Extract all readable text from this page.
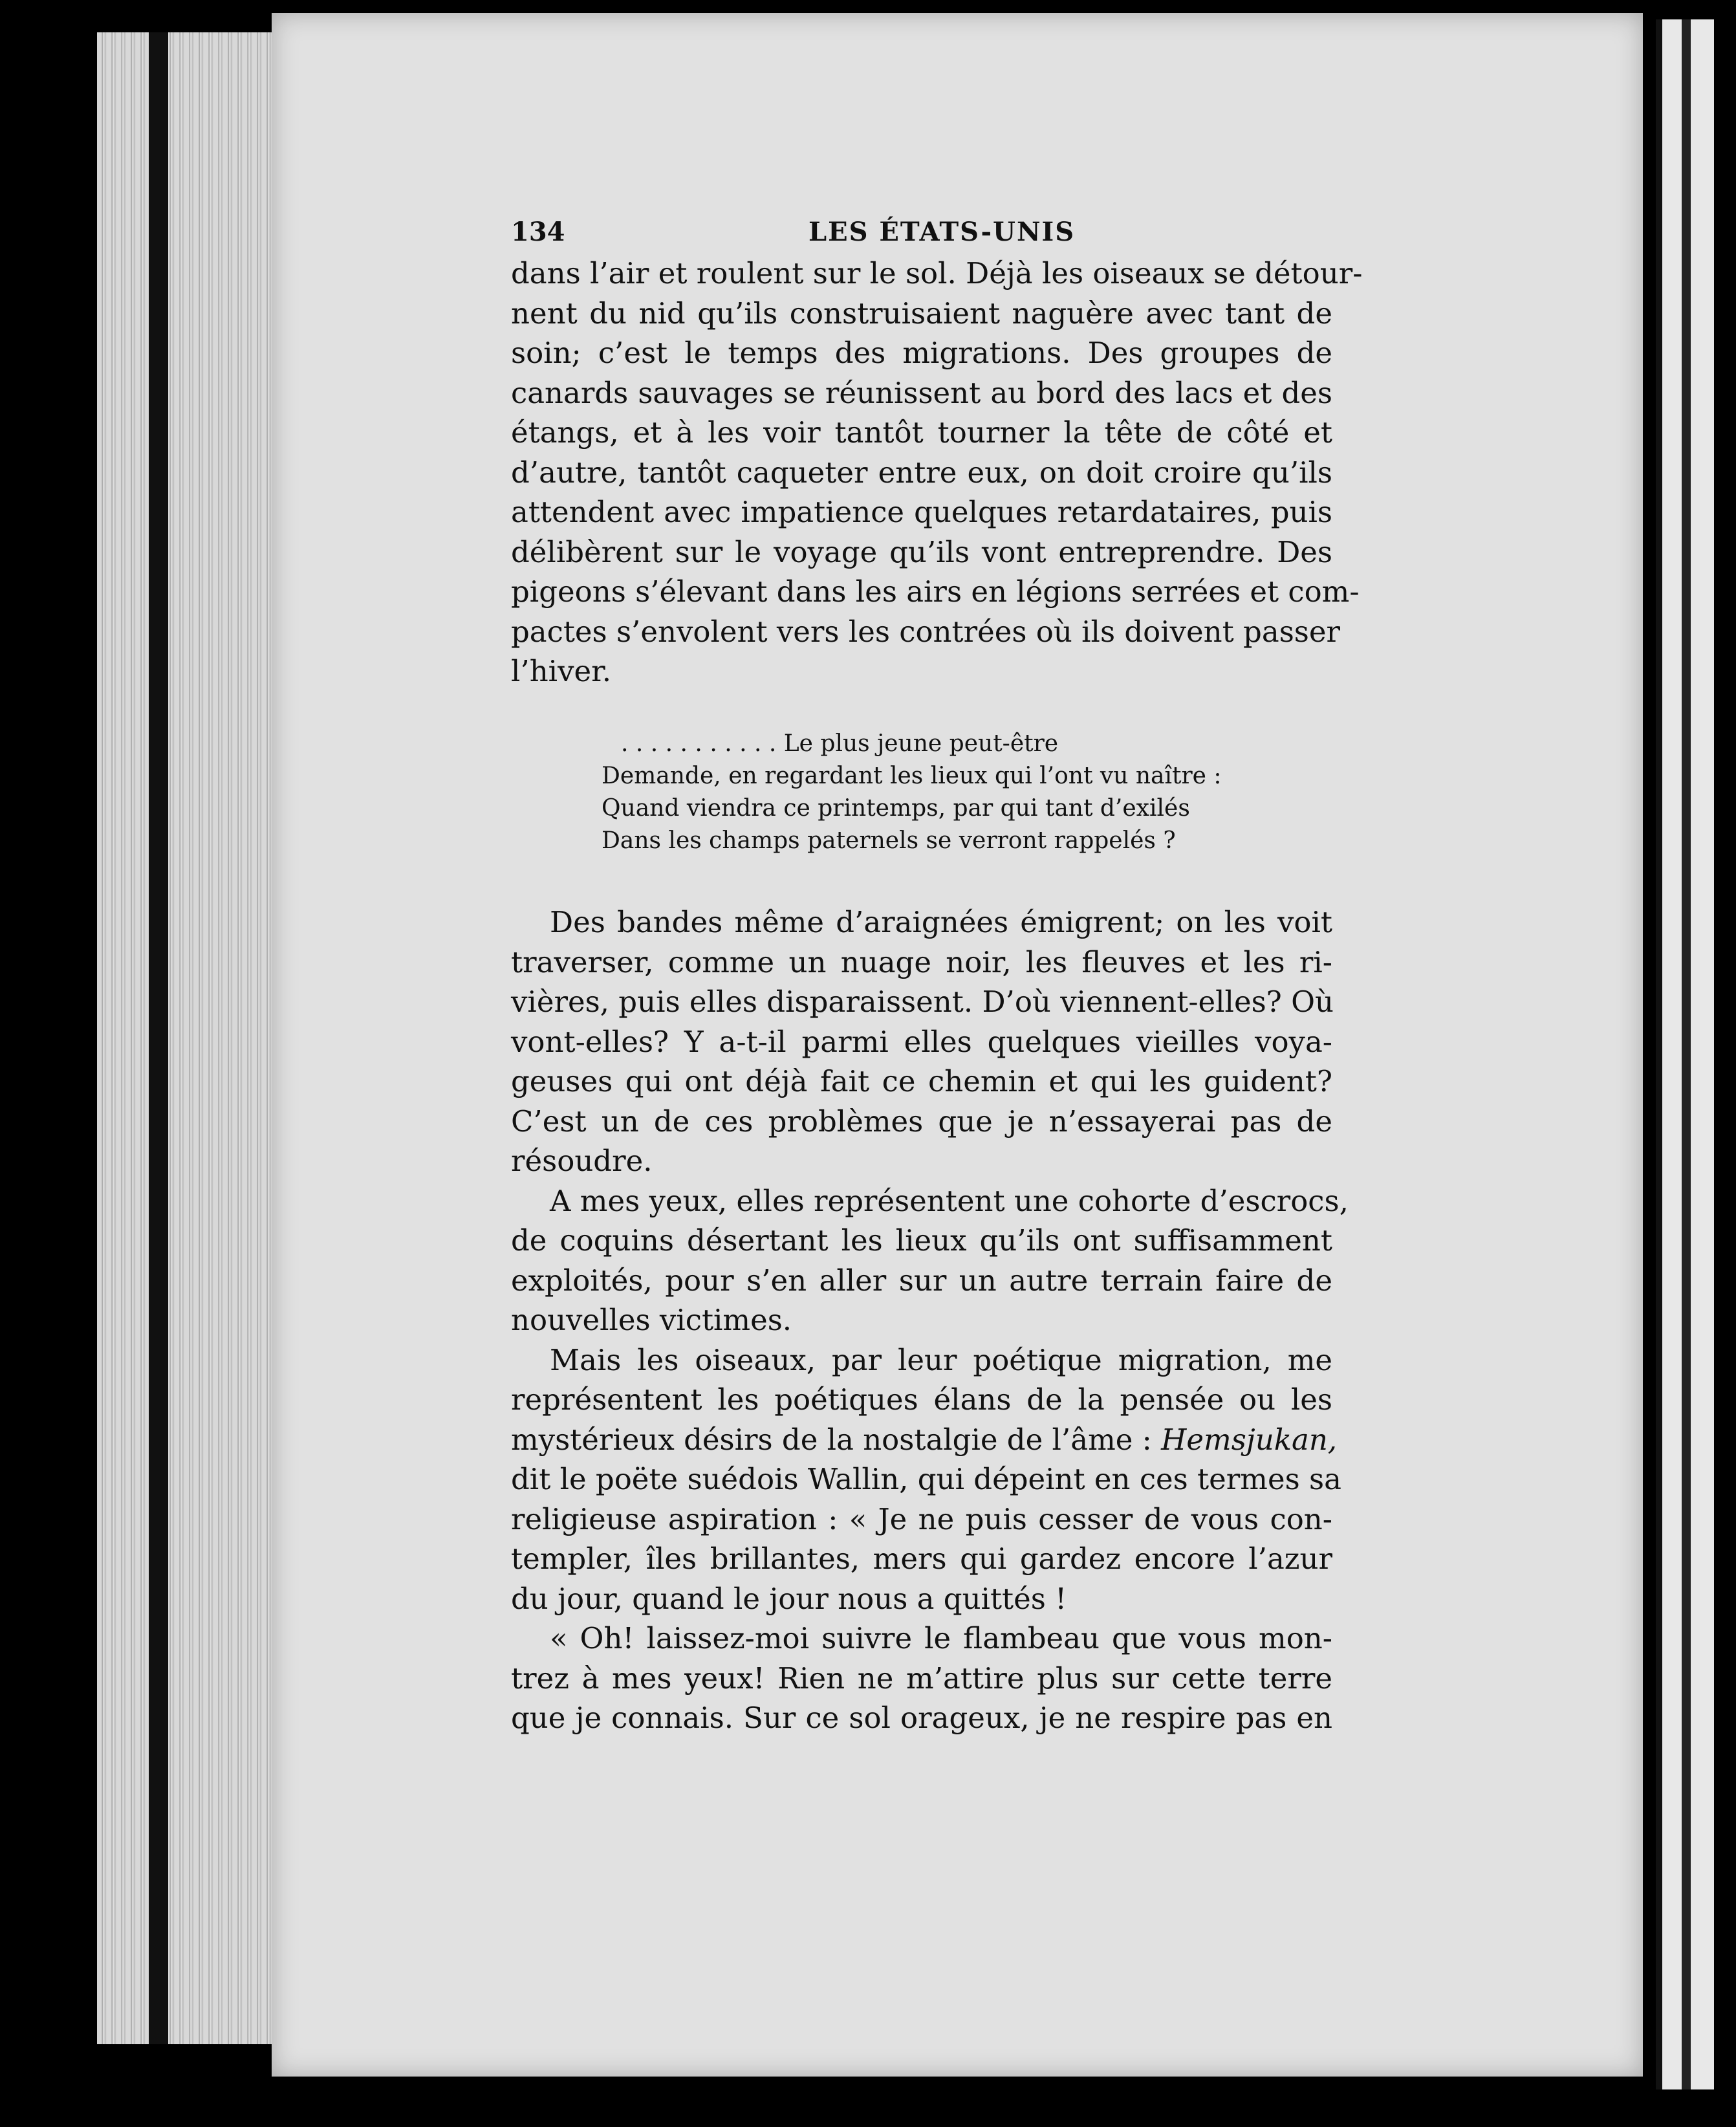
134	LES ÉTATS-UNIS
dans l’air et roulent sur le sol. Déjà les oiseaux se détour-
nent du nid qu’ils construisaient naguère avec tant de
soin; c’est le temps des migrations. Des groupes de
canards sauvages se réunissent au bord des lacs et des
étangs, et à les voir tantôt tourner la tête de côté et
d’autre, tantôt caqueter entre eux, on doit croire qu’ils
attendent avec impatience quelques retardataires, puis
délibèrent sur le voyage qu’ils vont entreprendre. Des
pigeons s’élevant dans les airs en légions serrées et com-
pactes s’envolent vers les contrées où ils doivent passer
l’hiver.
. . . . . . . . . . . Le plus jeune peut-être
Demande, en regardant les lieux qui l’ont vu naître :
Quand viendra ce printemps, par qui tant d’exilés
Dans les champs paternels se verront rappelés ?
Des bandes même d’araignées émigrent; on les voit
traverser, comme un nuage noir, les fleuves et les ri-
vières, puis elles disparaissent. D’où viennent-elles? Où
vont-elles? Y a-t-il parmi elles quelques vieilles voya-
geuses qui ont déjà fait ce chemin et qui les guident?
C’est un de ces problèmes que je n’essayerai pas de
résoudre.
A mes yeux, elles représentent une cohorte d’escrocs,
de coquins désertant les lieux qu’ils ont suffisamment
exploités, pour s’en aller sur un autre terrain faire de
nouvelles victimes.
Mais les oiseaux, par leur poétique migration, me
représentent les poétiques élans de la pensée ou les
mystérieux désirs de la nostalgie de l’âme : Hemsjukan,
dit le poëte suédois Wallin, qui dépeint en ces termes sa
religieuse aspiration : « Je ne puis cesser de vous con-
templer, îles brillantes, mers qui gardez encore l’azur
du jour, quand le jour nous a quittés !
« Oh! laissez-moi suivre le flambeau que vous mon-
trez à mes yeux! Rien ne m’attire plus sur cette terre
que je connais. Sur ce sol orageux, je ne respire pas en
